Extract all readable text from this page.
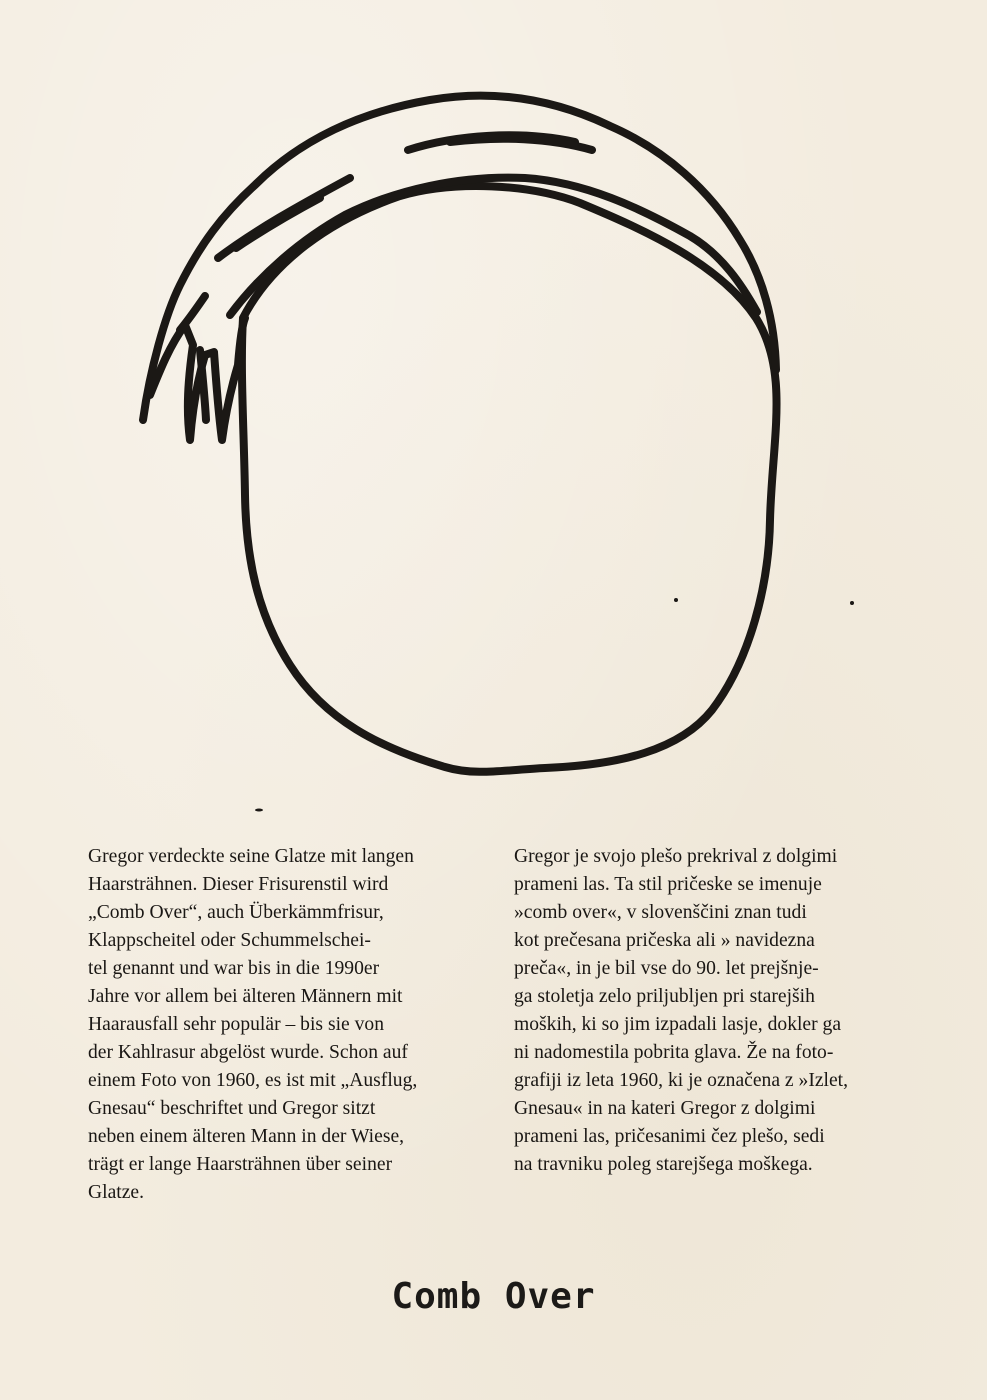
Gregor verdeckte seine Glatze mit langen
Haarsträhnen. Dieser Frisurenstil wird
„Comb Over“, auch Überkämmfrisur,
Klappscheitel oder Schummelschei-
tel genannt und war bis in die 1990er
Jahre vor allem bei älteren Männern mit
Haarausfall sehr populär – bis sie von
der Kahlrasur abgelöst wurde. Schon auf
einem Foto von 1960, es ist mit „Ausflug,
Gnesau“ beschriftet und Gregor sitzt
neben einem älteren Mann in der Wiese,
trägt er lange Haarsträhnen über seiner
Glatze.
Gregor je svojo plešo prekrival z dolgimi
prameni las. Ta stil pričeske se imenuje
»comb over«, v slovenščini znan tudi
kot prečesana pričeska ali » navidezna
preča«, in je bil vse do 90. let prejšnje-
ga stoletja zelo priljubljen pri starejših
moških, ki so jim izpadali lasje, dokler ga
ni nadomestila pobrita glava. Že na foto-
grafiji iz leta 1960, ki je označena z »Izlet,
Gnesau« in na kateri Gregor z dolgimi
prameni las, pričesanimi čez plešo, sedi
na travniku poleg starejšega moškega.
Comb Over
